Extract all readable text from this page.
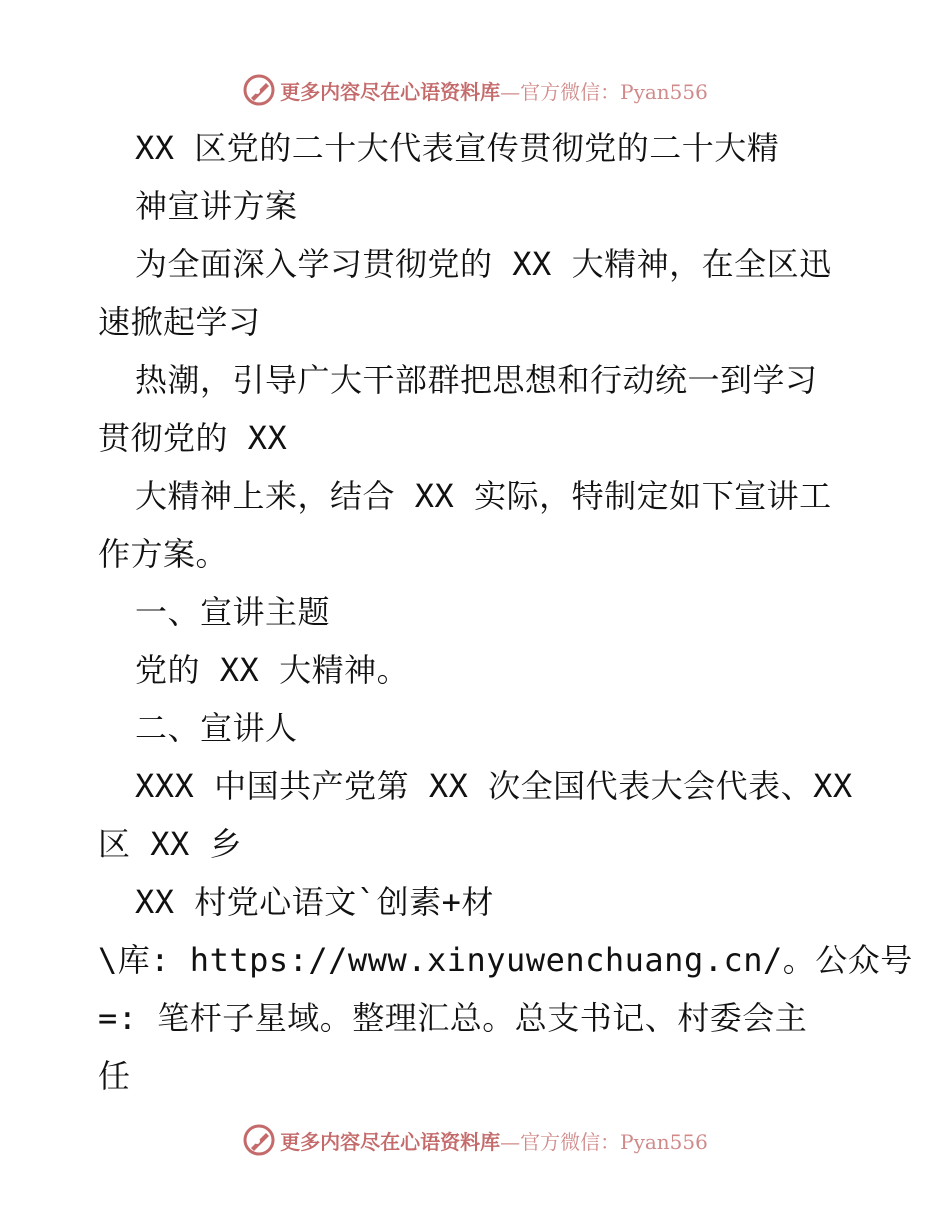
更多内容尽在心语资料库 —官方微信：Pyan556
XX 区党的二十大代表宣传贯彻党的二十大精
神宣讲方案
为全面深入学习贯彻党的 XX 大精神，在全区迅
速掀起学习
热潮，引导广大干部群把思想和行动统一到学习
贯彻党的 XX
大精神上来，结合 XX 实际，特制定如下宣讲工
作方案。
一、宣讲主题
党的 XX 大精神。
二、宣讲人
XXX 中国共产党第 XX 次全国代表大会代表、XX
区 XX 乡
XX 村党心语文`创素+材
\库: https://www.xinyuwenchuang.cn/。公众号
=: 笔杆子星域。整理汇总。总支书记、村委会主
任
更多内容尽在心语资料库 —官方微信：Pyan556
